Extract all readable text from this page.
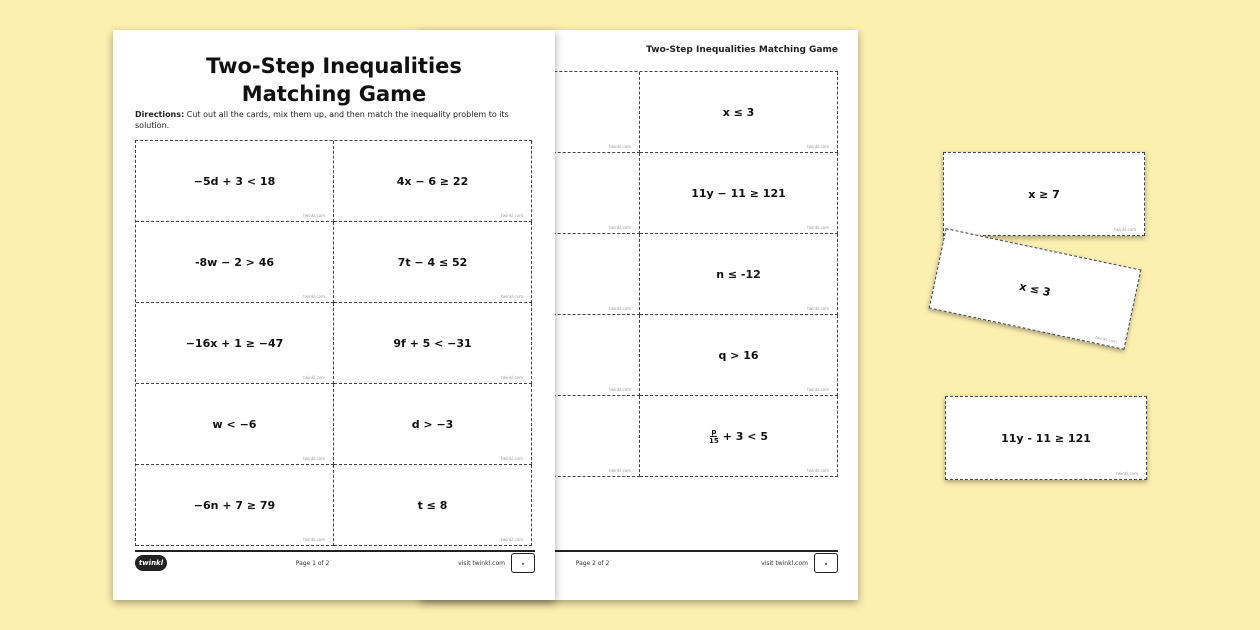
Two-Step Inequalities Matching Game
twinkl.com
x ≤ 3
twinkl.com
twinkl.com
11y − 11 ≥ 121
twinkl.com
twinkl.com
n ≤ -12
twinkl.com
twinkl.com
q > 16
twinkl.com
twinkl.com
$\frac{p}{15} + 3 < 5$
twinkl.com
Page 2 of 2	visit twinkl.com	★
Two-Step Inequalities
Matching Game
Directions: Cut out all the cards, mix them up, and then match the inequality problem to its solution.
−5d + 3 < 18
twinkl.com
4x − 6 ≥ 22
twinkl.com
-8w − 2 > 46
twinkl.com
7t − 4 ≤ 52
twinkl.com
−16x + 1 ≥ −47
twinkl.com
9f + 5 < −31
twinkl.com
w < −6
twinkl.com
d > −3
twinkl.com
−6n + 7 ≥ 79
twinkl.com
t ≤ 8
twinkl.com
twinkl	Page 1 of 2	visit twinkl.com	★
x ≥ 7
twinkl.com
x ≤ 3
twinkl.com
11y - 11 ≥ 121
twinkl.com
